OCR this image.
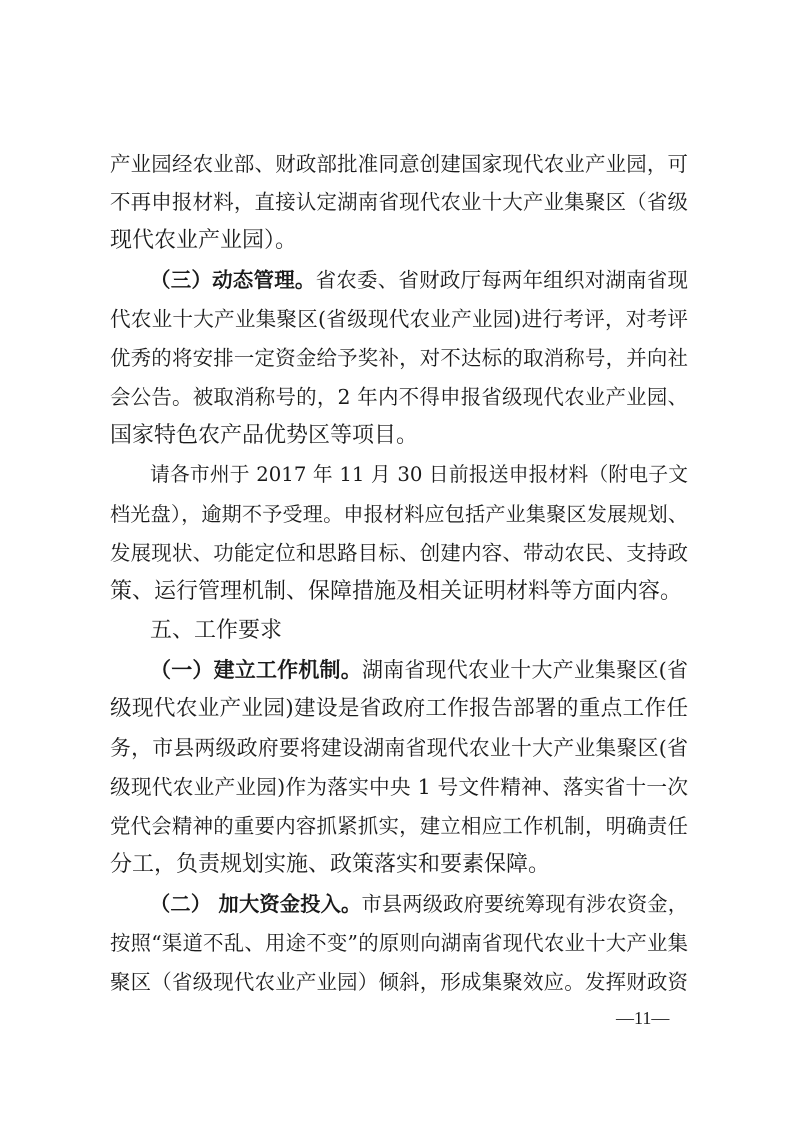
产业园经农业部、财政部批准同意创建国家现代农业产业园，可
不再申报材料，直接认定湖南省现代农业十大产业集聚区（省级
现代农业产业园）。
（三）动态管理。省农委、省财政厅每两年组织对湖南省现
代农业十大产业集聚区(省级现代农业产业园)进行考评，对考评
优秀的将安排一定资金给予奖补，对不达标的取消称号，并向社
会公告。被取消称号的，2 年内不得申报省级现代农业产业园、
国家特色农产品优势区等项目。
请各市州于 2017 年 11 月 30 日前报送申报材料（附电子文
档光盘），逾期不予受理。申报材料应包括产业集聚区发展规划、
发展现状、功能定位和思路目标、创建内容、带动农民、支持政
策、运行管理机制、保障措施及相关证明材料等方面内容。
五、工作要求
（一）建立工作机制。湖南省现代农业十大产业集聚区(省
级现代农业产业园)建设是省政府工作报告部署的重点工作任
务，市县两级政府要将建设湖南省现代农业十大产业集聚区(省
级现代农业产业园)作为落实中央 1 号文件精神、落实省十一次
党代会精神的重要内容抓紧抓实，建立相应工作机制，明确责任
分工，负责规划实施、政策落实和要素保障。
（二） 加大资金投入。市县两级政府要统筹现有涉农资金，
按照“渠道不乱、用途不变”的原则向湖南省现代农业十大产业集
聚区（省级现代农业产业园）倾斜，形成集聚效应。发挥财政资
—11—
